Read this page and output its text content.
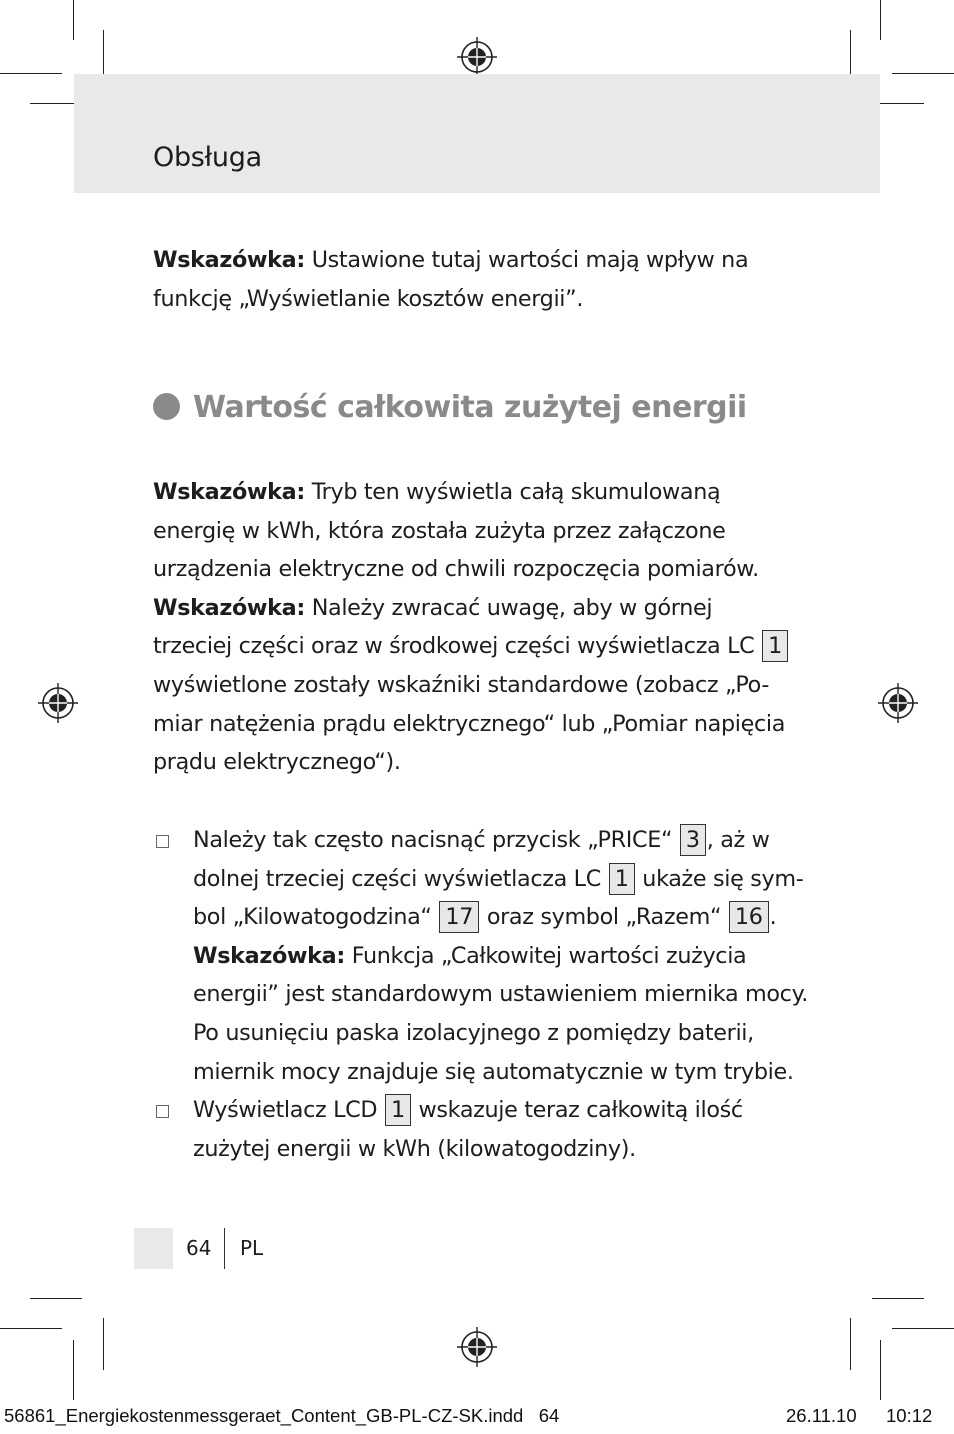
Obsługa
Wskazówka: Ustawione tutaj wartości mają wpływ na
funkcję „Wyświetlanie kosztów energii”.
Wartość całkowita zużytej energii
Wskazówka: Tryb ten wyświetla całą skumulowaną
energię w kWh, która została zużyta przez załączone
urządzenia elektryczne od chwili rozpoczęcia pomiarów.
Wskazówka: Należy zwracać uwagę, aby w górnej
trzeciej części oraz w środkowej części wyświetlacza LC 1
wyświetlone zostały wskaźniki standardowe (zobacz „Po-
miar natężenia prądu elektrycznego“ lub „Pomiar napięcia
prądu elektrycznego“).
Należy tak często nacisnąć przycisk „PRICE“ 3 , aż w
dolnej trzeciej części wyświetlacza LC 1 ukaże się sym-
bol „Kilowatogodzina“ 17 oraz symbol „Razem“ 16 .
Wskazówka: Funkcja „Całkowitej wartości zużycia
energii” jest standardowym ustawieniem miernika mocy.
Po usunięciu paska izolacyjnego z pomiędzy baterii,
miernik mocy znajduje się automatycznie w tym trybie.
Wyświetlacz LCD 1 wskazuje teraz całkowitą ilość
zużytej energii w kWh (kilowatogodziny).
64 PL
56861_Energiekostenmessgeraet_Content_GB-PL-CZ-SK.indd   64	26.11.10 10:12
